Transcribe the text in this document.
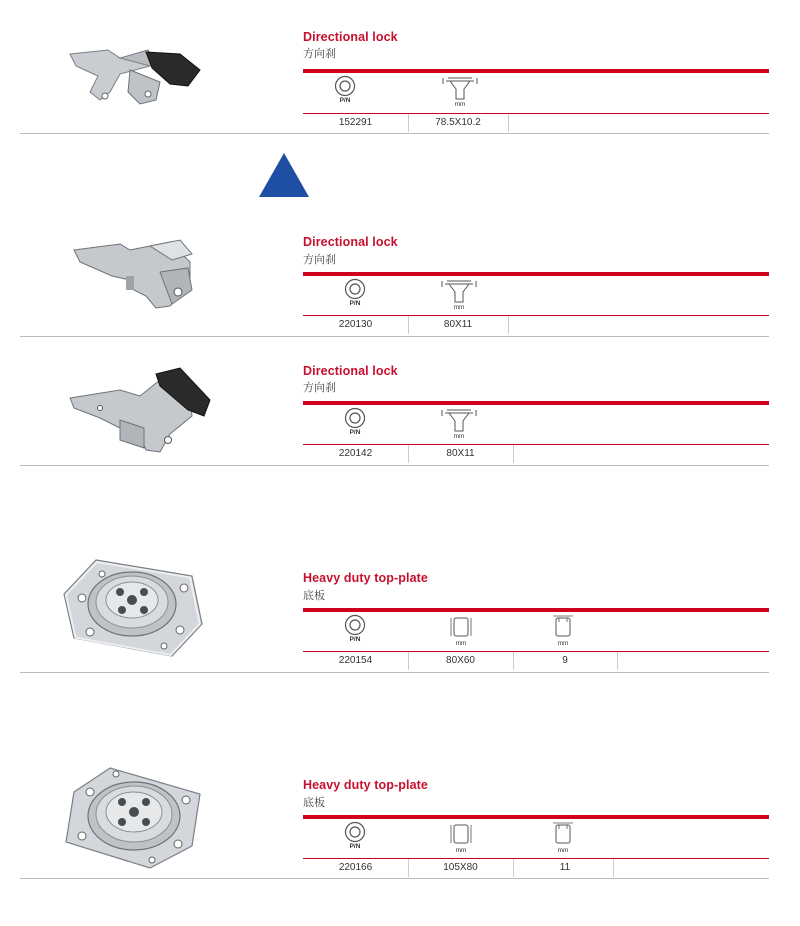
Directional lock
方向刹
P/N
mm
152291	78.5X10.2
Directional lock
方向刹
P/N
mm
220130	80X11
Directional lock
方向刹
P/N
mm
220142	80X11
Heavy duty top-plate
底板
P/N
mm	mm
220154	80X60	9
Heavy duty top-plate
底板
P/N
mm	mm
220166	105X80	11
